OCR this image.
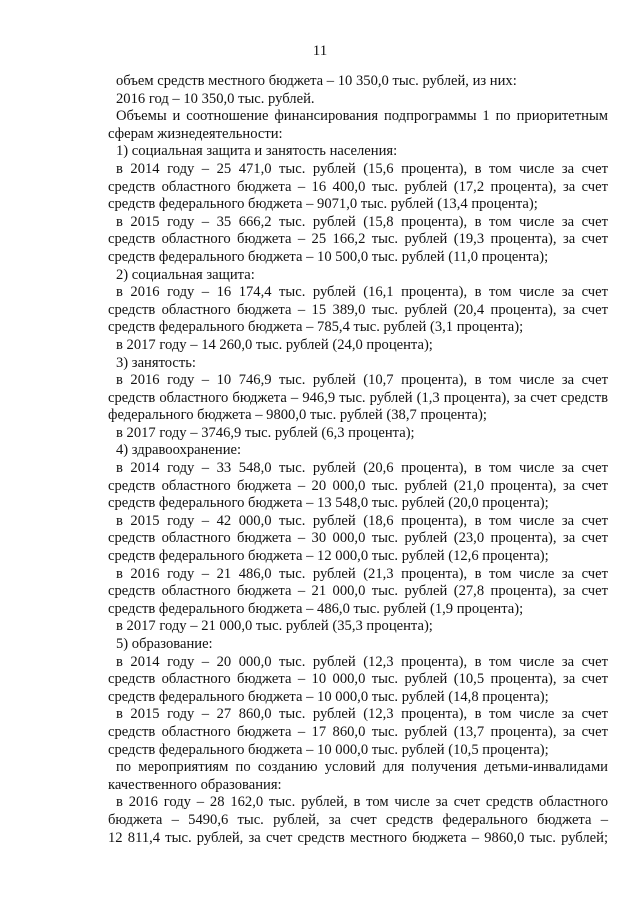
11

объем средств местного бюджета – 10 350,0 тыс. рублей, из них:

2016 год – 10 350,0 тыс. рублей.

Объемы и соотношение финансирования подпрограммы 1 по приоритетным

сферам жизнедеятельности:

1) социальная защита и занятость населения:

в 2014 году – 25 471,0 тыс. рублей (15,6 процента), в том числе за счет

средств областного бюджета – 16 400,0 тыс. рублей (17,2 процента), за счет

средств федерального бюджета – 9071,0 тыс. рублей (13,4 процента);

в 2015 году – 35 666,2 тыс. рублей (15,8 процента), в том числе за счет

средств областного бюджета – 25 166,2 тыс. рублей (19,3 процента), за счет

средств федерального бюджета – 10 500,0 тыс. рублей (11,0 процента);

2) социальная защита:

в 2016 году – 16 174,4 тыс. рублей (16,1 процента), в том числе за счет

средств областного бюджета – 15 389,0 тыс. рублей (20,4 процента), за счет

средств федерального бюджета – 785,4 тыс. рублей (3,1 процента);

в 2017 году – 14 260,0 тыс. рублей (24,0 процента);

3) занятость:

в 2016 году – 10 746,9 тыс. рублей (10,7 процента), в том числе за счет

средств областного бюджета – 946,9 тыс. рублей (1,3 процента), за счет средств

федерального бюджета – 9800,0 тыс. рублей (38,7 процента);

в 2017 году – 3746,9 тыс. рублей (6,3 процента);

4) здравоохранение:

в 2014 году – 33 548,0 тыс. рублей (20,6 процента), в том числе за счет

средств областного бюджета – 20 000,0 тыс. рублей (21,0 процента), за счет

средств федерального бюджета – 13 548,0 тыс. рублей (20,0 процента);

в 2015 году – 42 000,0 тыс. рублей (18,6 процента), в том числе за счет

средств областного бюджета – 30 000,0 тыс. рублей (23,0 процента), за счет

средств федерального бюджета – 12 000,0 тыс. рублей (12,6 процента);

в 2016 году – 21 486,0 тыс. рублей (21,3 процента), в том числе за счет

средств областного бюджета – 21 000,0 тыс. рублей (27,8 процента), за счет

средств федерального бюджета – 486,0 тыс. рублей (1,9 процента);

в 2017 году – 21 000,0 тыс. рублей (35,3 процента);

5) образование:

в 2014 году – 20 000,0 тыс. рублей (12,3 процента), в том числе за счет

средств областного бюджета – 10 000,0 тыс. рублей (10,5 процента), за счет

средств федерального бюджета – 10 000,0 тыс. рублей (14,8 процента);

в 2015 году – 27 860,0 тыс. рублей (12,3 процента), в том числе за счет

средств областного бюджета – 17 860,0 тыс. рублей (13,7 процента), за счет

средств федерального бюджета – 10 000,0 тыс. рублей (10,5 процента);

по мероприятиям по созданию условий для получения детьми-инвалидами

качественного образования:

в 2016 году – 28 162,0 тыс. рублей, в том числе за счет средств областного

бюджета – 5490,6 тыс. рублей, за счет средств федерального бюджета –

12 811,4 тыс. рублей, за счет средств местного бюджета – 9860,0 тыс. рублей;
